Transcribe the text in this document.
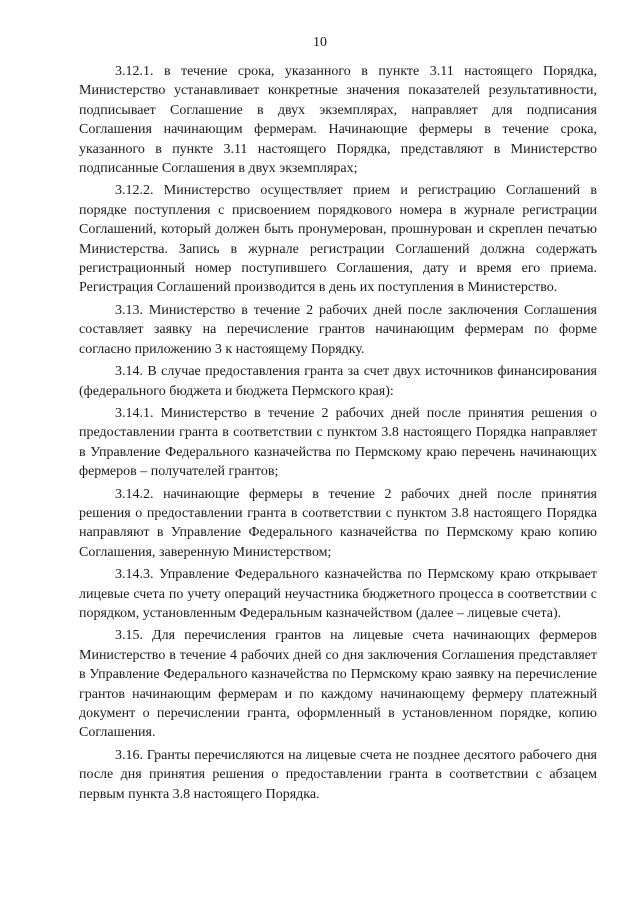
10

3.12.1. в течение срока, указанного в пункте 3.11 настоящего Порядка, Министерство устанавливает конкретные значения показателей результативности, подписывает Соглашение в двух экземплярах, направляет для подписания Соглашения начинающим фермерам. Начинающие фермеры в течение срока, указанного в пункте 3.11 настоящего Порядка, представляют в Министерство подписанные Соглашения в двух экземплярах;

3.12.2. Министерство осуществляет прием и регистрацию Соглашений в порядке поступления с присвоением порядкового номера в журнале регистрации Соглашений, который должен быть пронумерован, прошнурован и скреплен печатью Министерства. Запись в журнале регистрации Соглашений должна содержать регистрационный номер поступившего Соглашения, дату и время его приема. Регистрация Соглашений производится в день их поступления в Министерство.

3.13. Министерство в течение 2 рабочих дней после заключения Соглашения составляет заявку на перечисление грантов начинающим фермерам по форме согласно приложению 3 к настоящему Порядку.

3.14. В случае предоставления гранта за счет двух источников финансирования (федерального бюджета и бюджета Пермского края):

3.14.1. Министерство в течение 2 рабочих дней после принятия решения о предоставлении гранта в соответствии с пунктом 3.8 настоящего Порядка направляет в Управление Федерального казначейства по Пермскому краю перечень начинающих фермеров – получателей грантов;

3.14.2. начинающие фермеры в течение 2 рабочих дней после принятия решения о предоставлении гранта в соответствии с пунктом 3.8 настоящего Порядка направляют в Управление Федерального казначейства по Пермскому краю копию Соглашения, заверенную Министерством;

3.14.3. Управление Федерального казначейства по Пермскому краю открывает лицевые счета по учету операций неучастника бюджетного процесса в соответствии с порядком, установленным Федеральным казначейством (далее – лицевые счета).

3.15. Для перечисления грантов на лицевые счета начинающих фермеров Министерство в течение 4 рабочих дней со дня заключения Соглашения представляет в Управление Федерального казначейства по Пермскому краю заявку на перечисление грантов начинающим фермерам и по каждому начинающему фермеру платежный документ о перечислении гранта, оформленный в установленном порядке, копию Соглашения.

3.16. Гранты перечисляются на лицевые счета не позднее десятого рабочего дня после дня принятия решения о предоставлении гранта в соответствии с абзацем первым пункта 3.8 настоящего Порядка.
